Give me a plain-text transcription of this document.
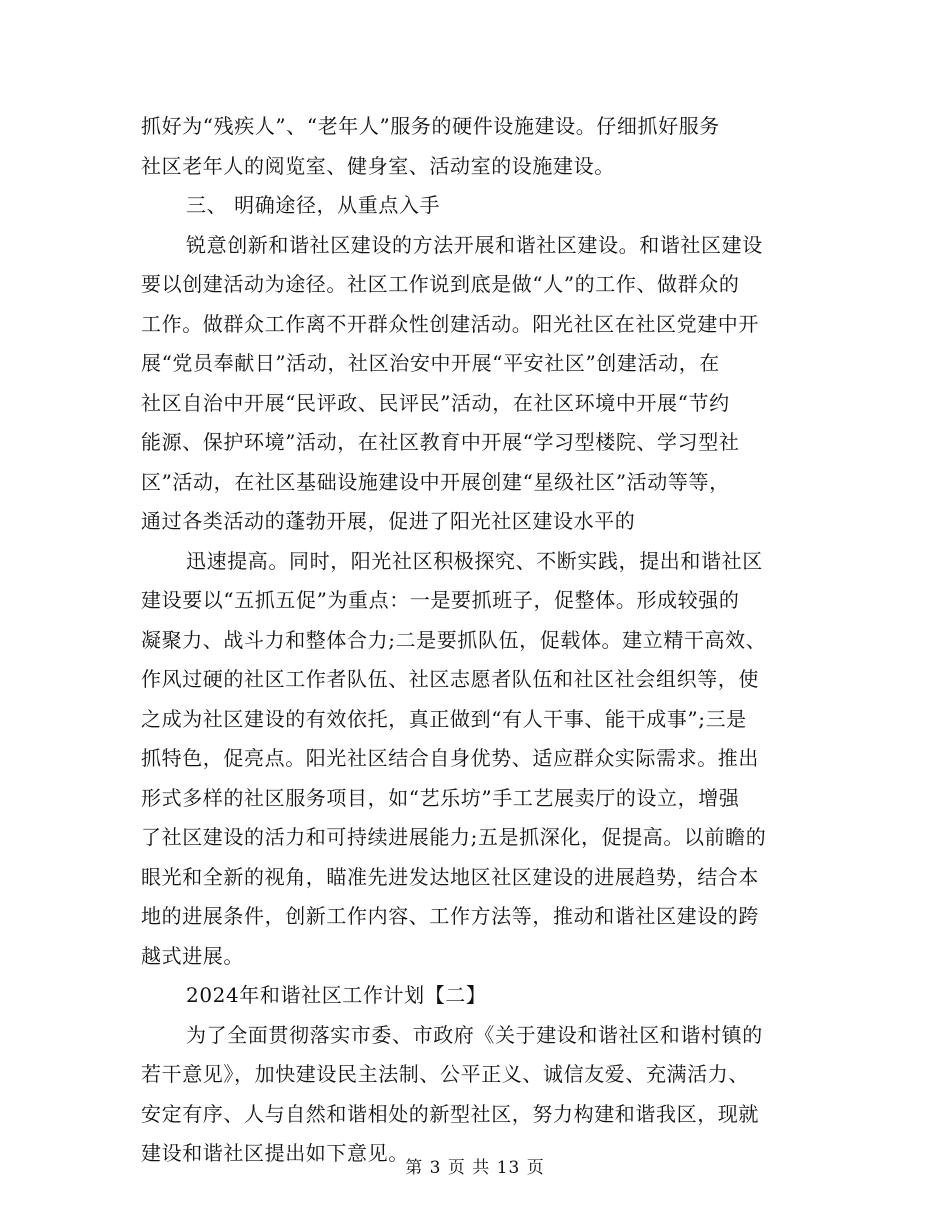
抓好为“残疾人”、“老年人”服务的硬件设施建设。仔细抓好服务
社区老年人的阅览室、健身室、活动室的设施建设。
三、 明确途径，从重点入手
锐意创新和谐社区建设的方法开展和谐社区建设。和谐社区建设
要以创建活动为途径。社区工作说到底是做“人”的工作、做群众的
工作。做群众工作离不开群众性创建活动。阳光社区在社区党建中开
展“党员奉献日”活动，社区治安中开展“平安社区”创建活动，在
社区自治中开展“民评政、民评民”活动，在社区环境中开展“节约
能源、保护环境”活动，在社区教育中开展“学习型楼院、学习型社
区”活动，在社区基础设施建设中开展创建“星级社区”活动等等，
通过各类活动的蓬勃开展，促进了阳光社区建设水平的
迅速提高。同时，阳光社区积极探究、不断实践，提出和谐社区
建设要以“五抓五促”为重点：一是要抓班子，促整体。形成较强的
凝聚力、战斗力和整体合力;二是要抓队伍，促载体。建立精干高效、
作风过硬的社区工作者队伍、社区志愿者队伍和社区社会组织等，使
之成为社区建设的有效依托，真正做到“有人干事、能干成事”;三是
抓特色，促亮点。阳光社区结合自身优势、适应群众实际需求。推出
形式多样的社区服务项目，如“艺乐坊”手工艺展卖厅的设立，增强
了社区建设的活力和可持续进展能力;五是抓深化，促提高。以前瞻的
眼光和全新的视角，瞄准先进发达地区社区建设的进展趋势，结合本
地的进展条件，创新工作内容、工作方法等，推动和谐社区建设的跨
越式进展。
2024年和谐社区工作计划【二】
为了全面贯彻落实市委、市政府《关于建设和谐社区和谐村镇的
若干意见》，加快建设民主法制、公平正义、诚信友爱、充满活力、
安定有序、人与自然和谐相处的新型社区，努力构建和谐我区，现就
建设和谐社区提出如下意见。
第 3 页 共 13 页
